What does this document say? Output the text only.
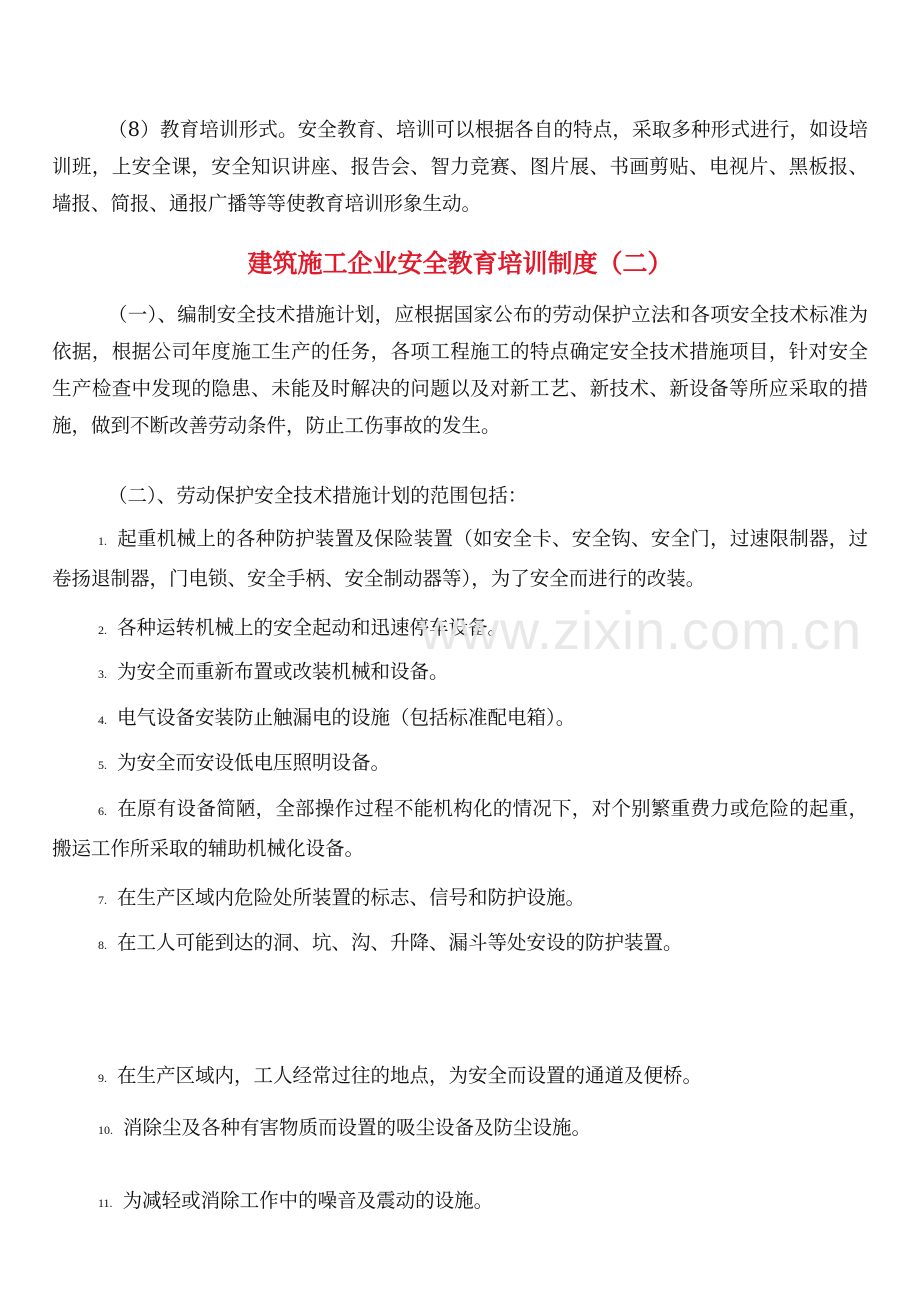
（8）教育培训形式。安全教育、培训可以根据各自的特点，采取多种形式进行，如设培训班，上安全课，安全知识讲座、报告会、智力竞赛、图片展、书画剪贴、电视片、黑板报、墙报、简报、通报广播等等使教育培训形象生动。

建筑施工企业安全教育培训制度（二）

（一）、编制安全技术措施计划，应根据国家公布的劳动保护立法和各项安全技术标准为依据，根据公司年度施工生产的任务，各项工程施工的特点确定安全技术措施项目，针对安全生产检查中发现的隐患、未能及时解决的问题以及对新工艺、新技术、新设备等所应采取的措施，做到不断改善劳动条件，防止工伤事故的发生。

（二）、劳动保护安全技术措施计划的范围包括：

1. 起重机械上的各种防护装置及保险装置（如安全卡、安全钩、安全门，过速限制器，过卷扬退制器，门电锁、安全手柄、安全制动器等），为了安全而进行的改装。

2. 各种运转机械上的安全起动和迅速停车设备。

3. 为安全而重新布置或改装机械和设备。

4. 电气设备安装防止触漏电的设施（包括标准配电箱）。

5. 为安全而安设低电压照明设备。

6. 在原有设备简陋，全部操作过程不能机构化的情况下，对个别繁重费力或危险的起重，搬运工作所采取的辅助机械化设备。

7. 在生产区域内危险处所装置的标志、信号和防护设施。

8. 在工人可能到达的洞、坑、沟、升降、漏斗等处安设的防护装置。

9. 在生产区域内，工人经常过往的地点，为安全而设置的通道及便桥。

10. 消除尘及各种有害物质而设置的吸尘设备及防尘设施。

11. 为减轻或消除工作中的噪音及震动的设施。

www.zixin.com.cn
